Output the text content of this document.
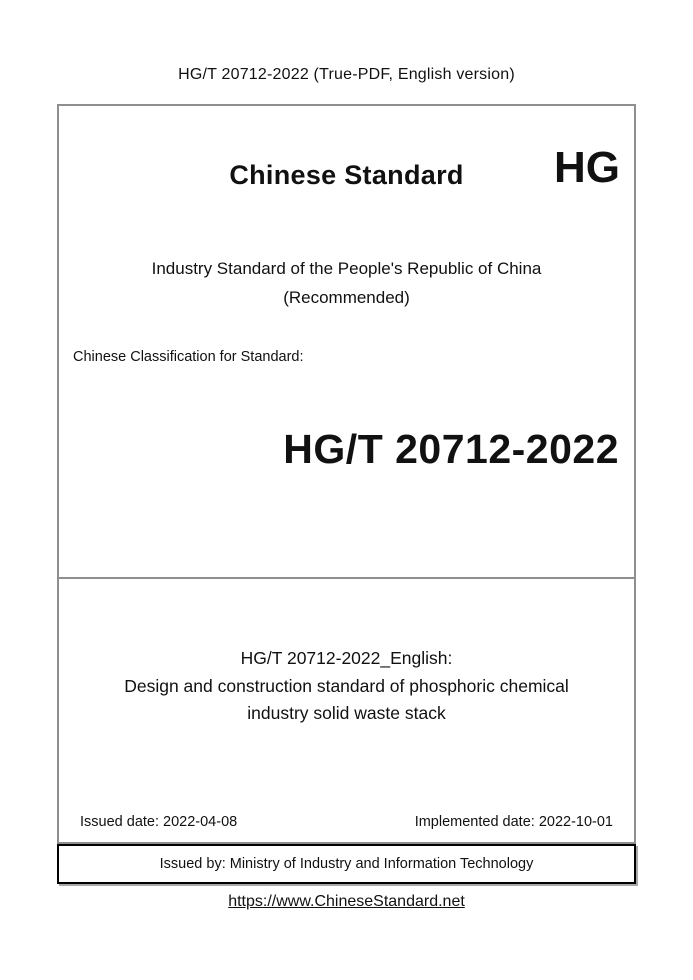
HG/T 20712-2022 (True-PDF, English version)
Chinese Standard	HG
Industry Standard of the People's Republic of China
(Recommended)
Chinese Classification for Standard:
HG/T 20712-2022
HG/T 20712-2022_English:
Design and construction standard of phosphoric chemical
industry solid waste stack
Issued date: 2022-04-08	Implemented date: 2022-10-01
Issued by: Ministry of Industry and Information Technology
https://www.ChineseStandard.net
